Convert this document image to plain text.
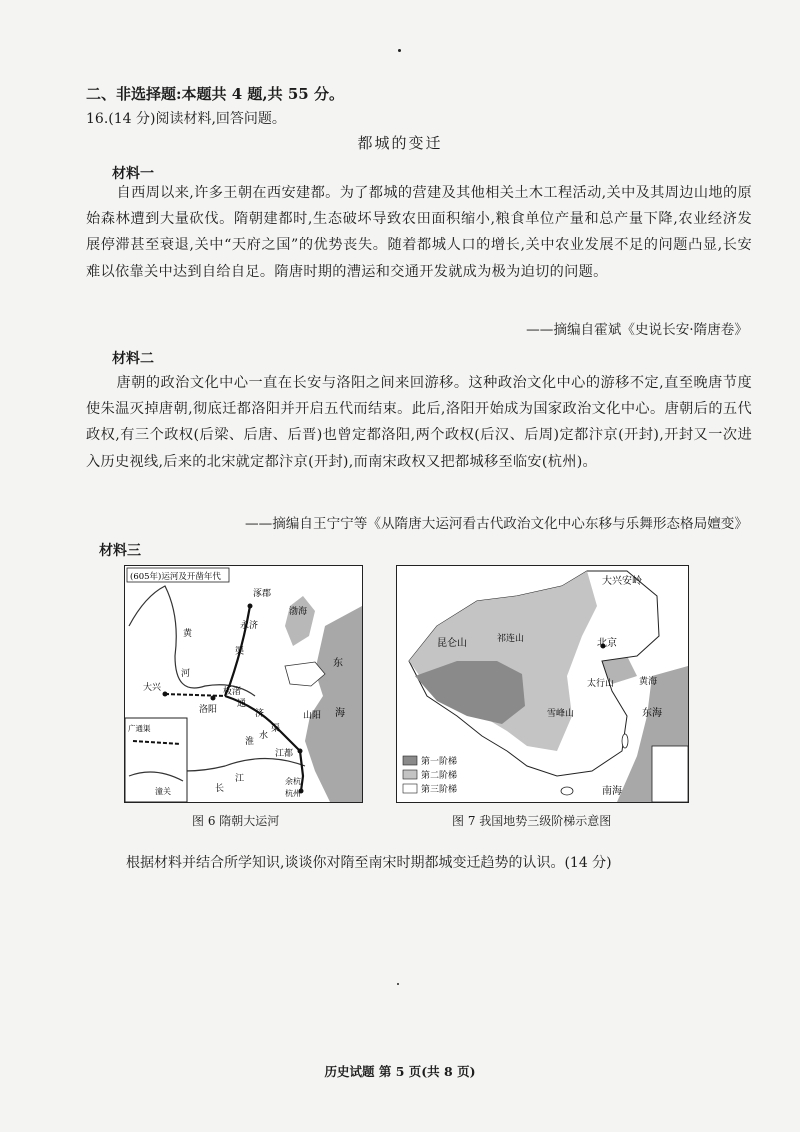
二、非选择题:本题共 4 题,共 55 分。
16.(14 分)阅读材料,回答问题。
都城的变迁
材料一
自西周以来,许多王朝在西安建都。为了都城的营建及其他相关土木工程活动,关中及其周边山地的原始森林遭到大量砍伐。隋朝建都时,生态破坏导致农田面积缩小,粮食单位产量和总产量下降,农业经济发展停滞甚至衰退,关中“天府之国”的优势丧失。随着都城人口的增长,关中农业发展不足的问题凸显,长安难以依靠关中达到自给自足。隋唐时期的漕运和交通开发就成为极为迫切的问题。
——摘编自霍斌《史说长安·隋唐卷》
材料二
唐朝的政治文化中心一直在长安与洛阳之间来回游移。这种政治文化中心的游移不定,直至晚唐节度使朱温灭掉唐朝,彻底迁都洛阳并开启五代而结束。此后,洛阳开始成为国家政治文化中心。唐朝后的五代政权,有三个政权(后梁、后唐、后晋)也曾定都洛阳,两个政权(后汉、后周)定都汴京(开封),开封又一次进入历史视线,后来的北宋就定都汴京(开封),而南宋政权又把都城移至临安(杭州)。
——摘编自王宁宁等《从隋唐大运河看古代政治文化中心东移与乐舞形态格局嬗变》
材料三
(605年)运河及开凿年代
涿郡
渤海
永济
渠
黄
河
通
济
渠
大兴
洛阳
板渚
山阳
江都
余杭
杭州
东
海
淮
水
江
长
广通渠
潼关
大兴安岭
北京
昆仑山	祁连山
东海
南海
黄海
太行山
雪峰山
第一阶梯
第二阶梯
第三阶梯
图 6 隋朝大运河	图 7 我国地势三级阶梯示意图
根据材料并结合所学知识,谈谈你对隋至南宋时期都城变迁趋势的认识。(14 分)
历史试题 第 5 页(共 8 页)
